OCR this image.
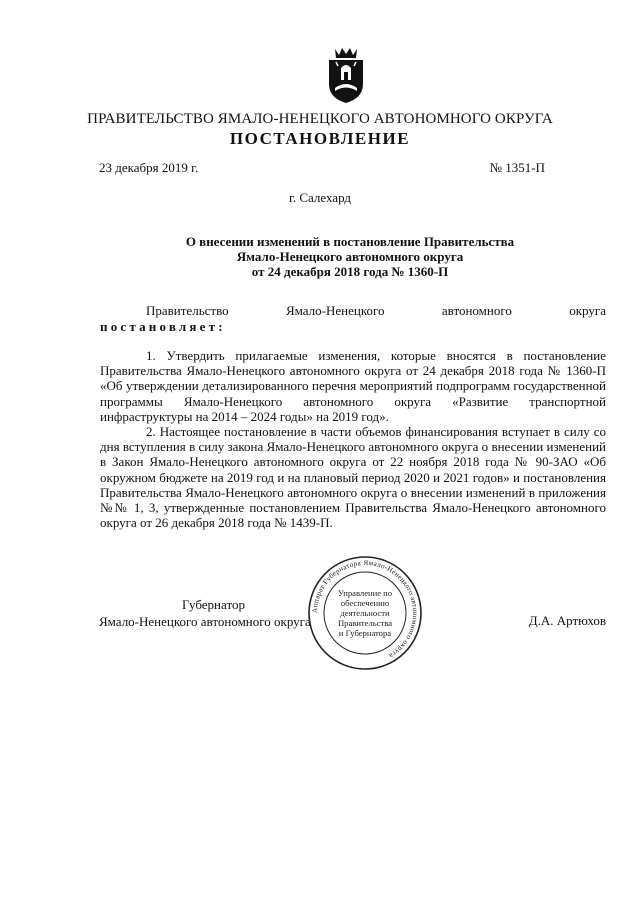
ПРАВИТЕЛЬСТВО ЯМАЛО-НЕНЕЦКОГО АВТОНОМНОГО ОКРУГА
ПОСТАНОВЛЕНИЕ
23 декабря 2019 г.	№ 1351-П
г. Салехард
О внесении изменений в постановление Правительства
Ямало-Ненецкого автономного округа
от 24 декабря 2018 года № 1360-П
Правительство	Ямало-Ненецкого	автономного	округа
постановляет:

1. Утвердить прилагаемые изменения, которые вносятся в постановление Правительства Ямало-Ненецкого автономного округа от 24 декабря 2018 года № 1360-П «Об утверждении детализированного перечня мероприятий подпрограмм государственной программы Ямало-Ненецкого автономного округа «Развитие транспортной инфраструктуры на 2014 – 2024 годы» на 2019 год».

2. Настоящее постановление в части объемов финансирования вступает в силу со дня вступления в силу закона Ямало-Ненецкого автономного округа о внесении изменений в Закон Ямало-Ненецкого автономного округа от 22 ноября 2018 года № 90-ЗАО «Об окружном бюджете на 2019 год и на плановый период 2020 и 2021 годов» и постановления Правительства Ямало-Ненецкого автономного округа о внесении изменений в приложения №№ 1, 3, утвержденные постановлением Правительства Ямало-Ненецкого автономного округа от 26 декабря 2018 года № 1439-П.

Губернатор
Ямало-Ненецкого автономного округа	Д.А. Артюхов
Аппарат Губернатора Ямало-Ненецкого автономного округа
Управление по
обеспечению
деятельности
Правительства
и Губернатора
